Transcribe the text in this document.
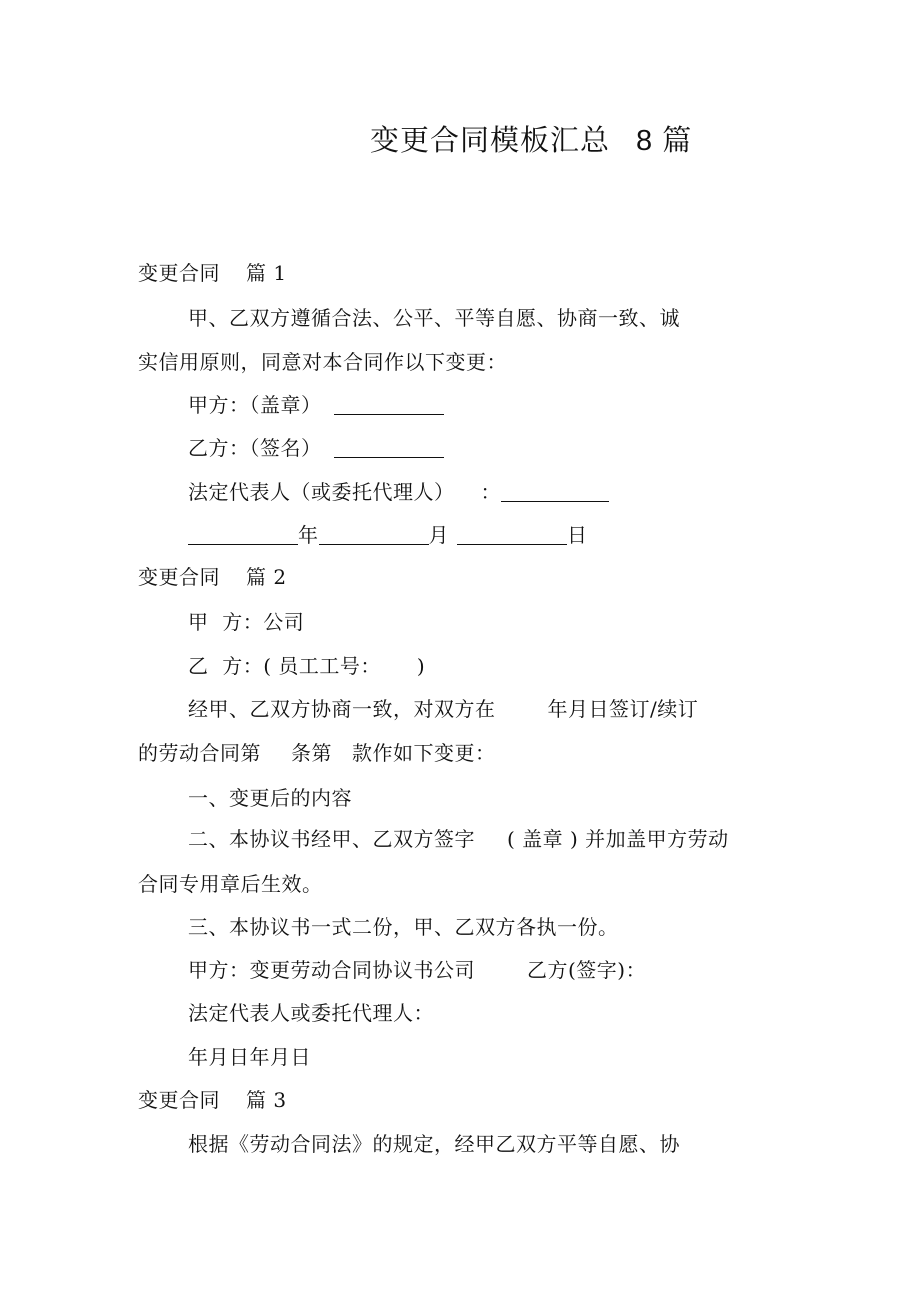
变更合同模板汇总 8 篇
变更合同 篇 1
甲、乙双方遵循合法、公平、平等自愿、协商一致、诚
实信用原则，同意对本合同作以下变更：
甲方：（盖章）
乙方：（签名）
法定代表人（或委托代理人） ：
年	月	日
变更合同 篇 2
甲  方：公司
乙  方：( 员工工号： )
经甲、乙双方协商一致，对双方在	年月日签订/续订
的劳动合同第 条第 款作如下变更：
一、变更后的内容
二、本协议书经甲、乙双方签字 ( 盖章 ) 并加盖甲方劳动
合同专用章后生效。
三、本协议书一式二份，甲、乙双方各执一份。
甲方：变更劳动合同协议书公司	乙方(签字)：
法定代表人或委托代理人：
年月日年月日
变更合同 篇 3
根据《劳动合同法》的规定，经甲乙双方平等自愿、协
